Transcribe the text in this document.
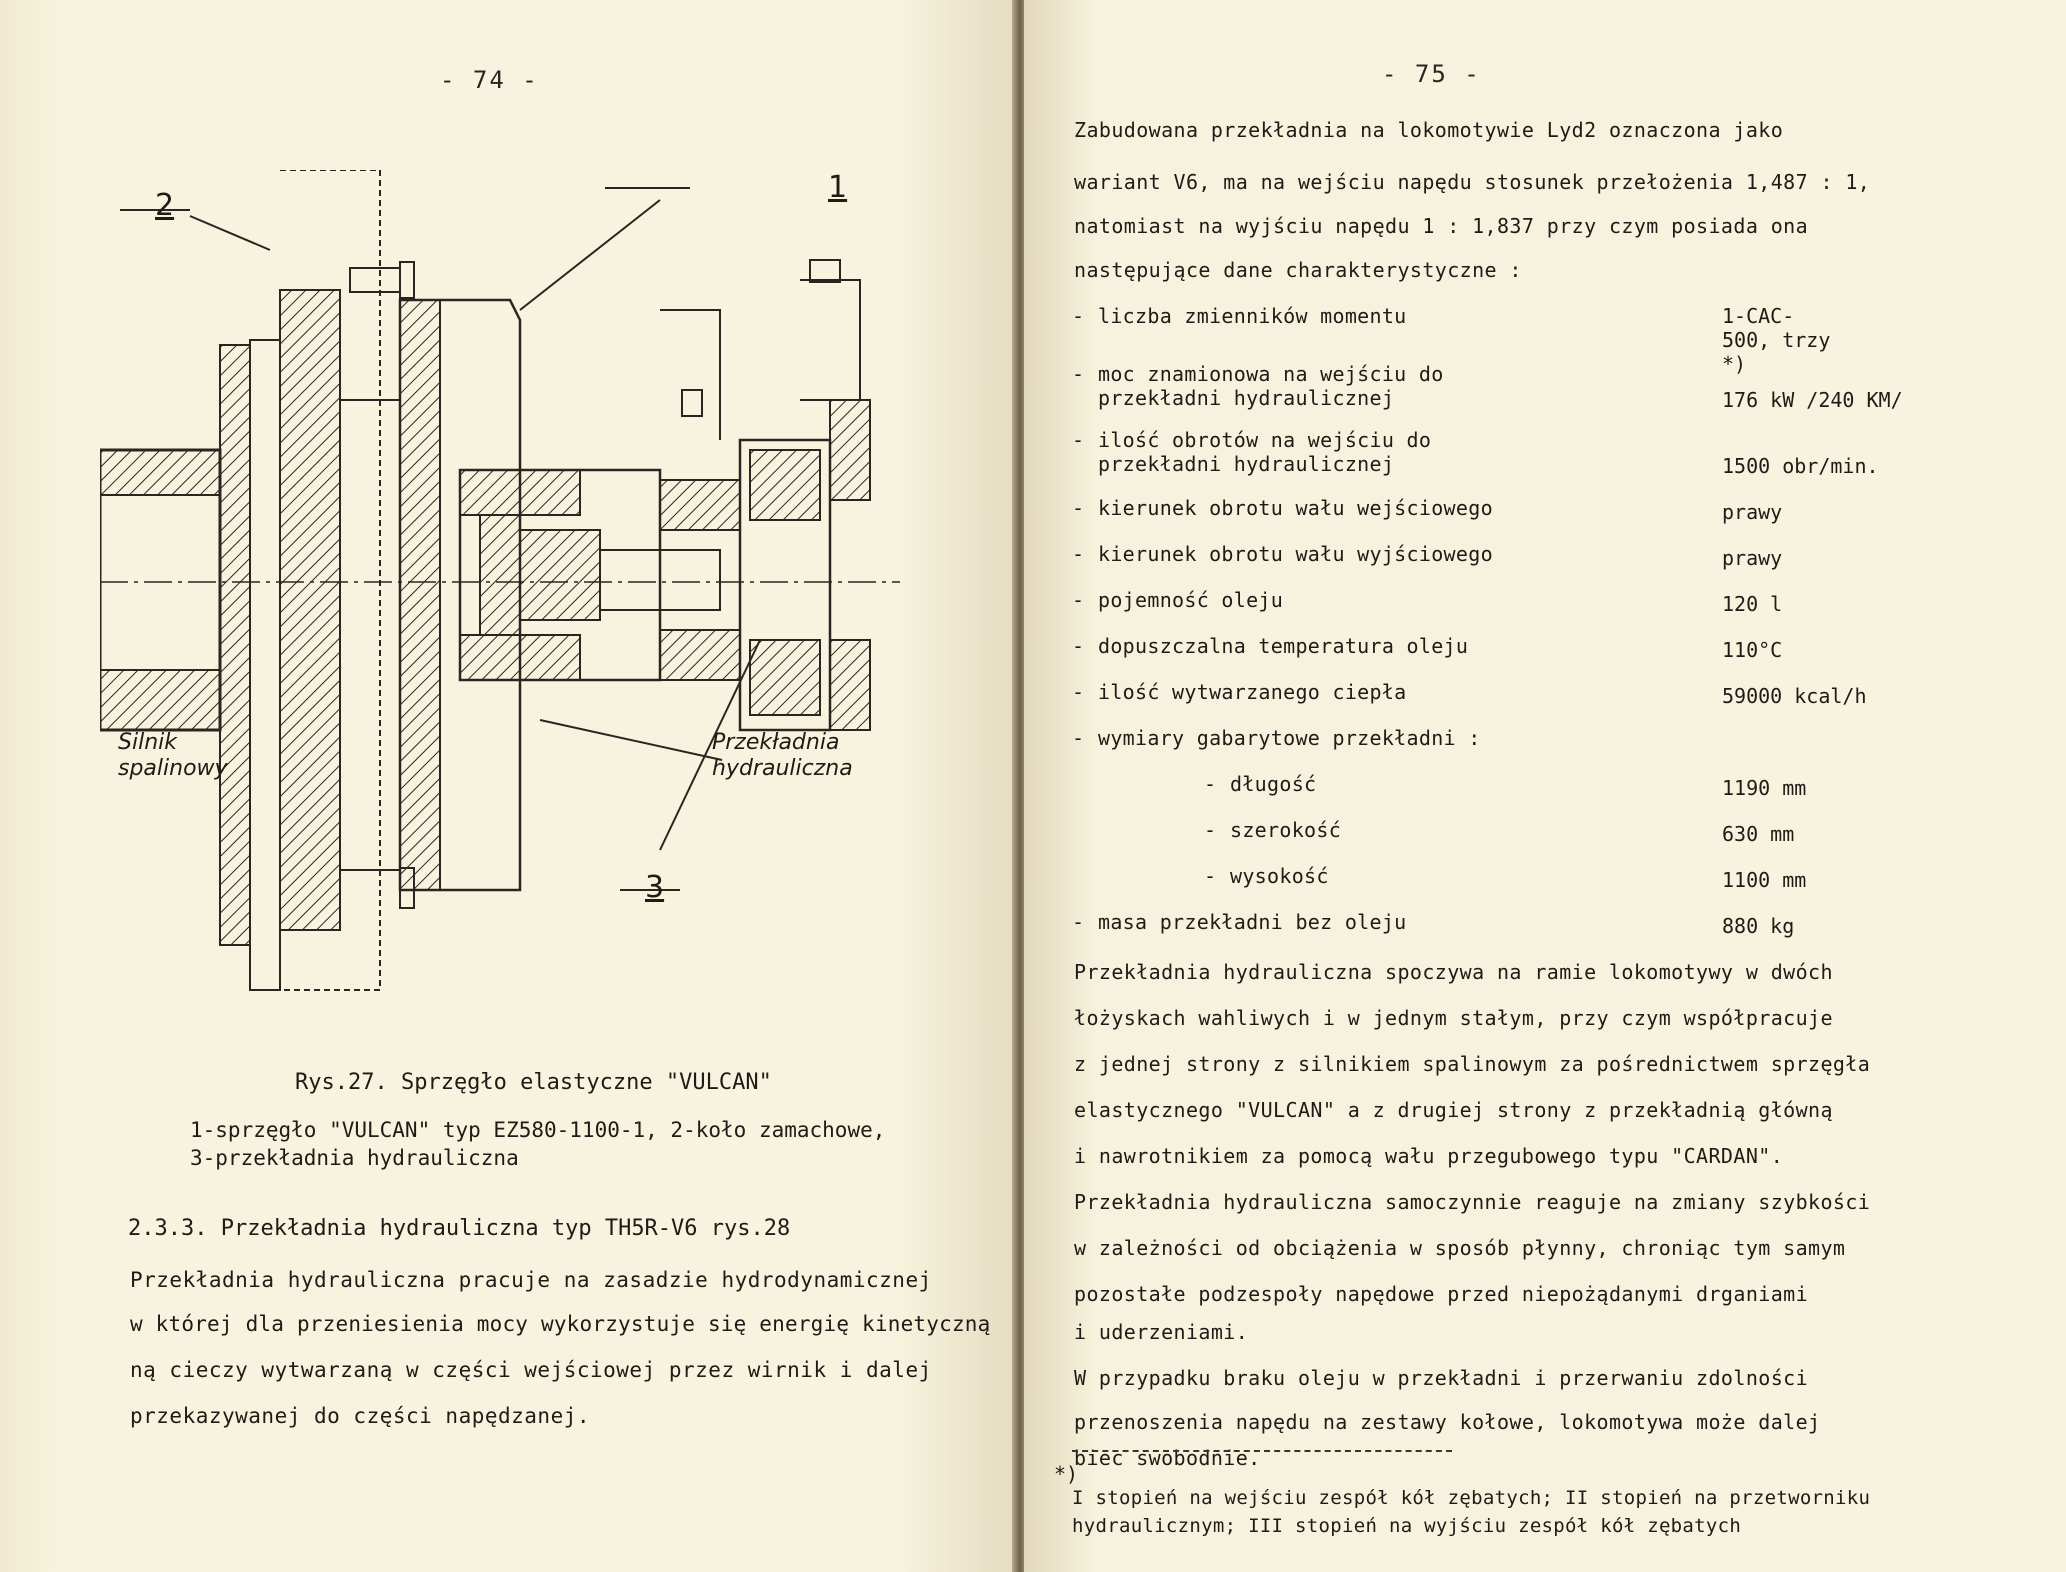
- 74 -
1
2
3
Silnik spalinowy
Przekładnia hydrauliczna
Rys.27. Sprzęgło elastyczne "VULCAN"
1-sprzęgło "VULCAN" typ EZ580-1100-1, 2-koło zamachowe,
3-przekładnia hydrauliczna
2.3.3. Przekładnia hydrauliczna typ TH5R-V6 rys.28
Przekładnia hydrauliczna pracuje na zasadzie hydrodynamicznej
w której dla przeniesienia mocy wykorzystuje się energię kinetyczną
ną cieczy wytwarzaną w części wejściowej przez wirnik i dalej
przekazywanej do części napędzanej.
- 75 -
Zabudowana przekładnia na lokomotywie Lyd2 oznaczona jako
wariant V6, ma na wejściu napędu stosunek przełożenia 1,487 : 1,
natomiast na wyjściu napędu 1 : 1,837 przy czym posiada ona
następujące dane charakterystyczne :
- liczba zmienników momentu	1-CAC-500, trzy *)
- moc znamionowa na wejściu do przekładni hydraulicznej	176 kW /240 KM/
- ilość obrotów na wejściu do przekładni hydraulicznej	1500 obr/min.
- kierunek obrotu wału wejściowego	prawy
- kierunek obrotu wału wyjściowego	prawy
- pojemność oleju	120 l
- dopuszczalna temperatura oleju	110°C
- ilość wytwarzanego ciepła	59000 kcal/h
- wymiary gabarytowe przekładni :
- długość	1190 mm
- szerokość	630 mm
- wysokość	1100 mm
- masa przekładni bez oleju	880 kg
Przekładnia hydrauliczna spoczywa na ramie lokomotywy w dwóch
łożyskach wahliwych i w jednym stałym, przy czym współpracuje
z jednej strony z silnikiem spalinowym za pośrednictwem sprzęgła
elastycznego "VULCAN" a z drugiej strony z przekładnią główną
i nawrotnikiem za pomocą wału przegubowego typu "CARDAN".
Przekładnia hydrauliczna samoczynnie reaguje na zmiany szybkości
w zależności od obciążenia w sposób płynny, chroniąc tym samym
pozostałe podzespoły napędowe przed niepożądanymi drganiami
i uderzeniami.
W przypadku braku oleju w przekładni i przerwaniu zdolności
przenoszenia napędu na zestawy kołowe, lokomotywa może dalej
biec swobodnie.
*)
I stopień na wejściu zespół kół zębatych; II stopień na przetworniku hydraulicznym; III stopień na wyjściu zespół kół zębatych
